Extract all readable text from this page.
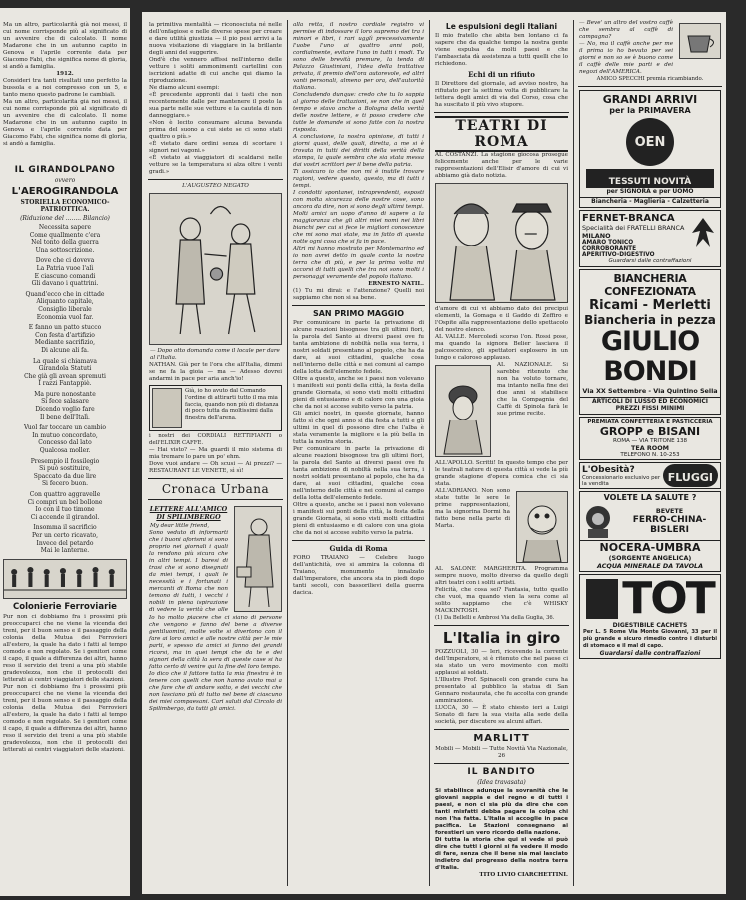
Ma un altro, particolarità già noi messi, il cui nome corrisponde più al significato di un avvenire che di calcolato. Il nome Madarone che in un autunno capito in Genova e l'aprile corrente data per Giacomo Fabi, che significa nome di gloria, si andò a famiglia.
1912.
Consideri tra tanti risultati uno perfetto la bussola e a noi compresso con un 5, e tanto meno questo padrone le cambiali.
Ma un altro, particolarità già noi messi, il cui nome corrisponde più al significato di un avvenire che di calcolato. Il nome Madarone che in un autunno capito in Genova e l'aprile corrente data per Giacomo Fabi, che significa nome di gloria, si andò a famiglia.
IL GIRANDOLPANO
ovvero
L'AEROGIRANDOLA
STORIELLA ECONOMICO-PATRIOTTICA.
(Riduzione del ........ Bilancio)
Necessita sapere
Come quallmente c'era
Nel tonto della guerra
Una sottoscrizione.
Dove che ci doveva
La Patria vuoe l'alì
E ciascuno comandi
Gli davano i quattrini.
Quand'ecco che in cittade
Aliquanto capitale,
Consiglio liberale
Economia vuol far.
E fanno un patto stucco
Con festa d'artifizio
Mediante sacrifizio,
Di alcune ali fa.
La quale si chiamava
Girandola Statuti
Che già gli avean spremuti
I razzi Fantappiè.
Ma pure nonostante
Si fece salasare
Dicendo voglio fare
Il bene dell'Italì.
Vuol far toccare un cambio
In mutuo concordato,
Concesso dal lato
Qualcosa moller.
Presempio il fossilegio
Si può sostituire,
Spaccato da due lire
Si fecero buon.
Con quattro aggravelle
Ci compri un bel bollone
Io con il tuo timone
Ci accende il girandol.
Insomma il sacrificio
Per un certo ricavato,
Invece del petardo
Mai le lanterne.
Colonierie Ferroviarie
Pur non ci dobbiamo fra i prossimi più preoccuparci che ne viene la vicenda dei treni, per il buon senso e il passaggio della colonia della Mutua dei Ferrovieri all'estero, la quale ha dato i fatti al tempo comodo e non regolato. Se i genitori come il capo, il quale a differenza dei altri, hanno reso il servizio dei treni a una più stabile gradevolezza, non che il protocolli dei letterati ai centri viaggiatori delle stazioni.
Pur non ci dobbiamo fra i prossimi più preoccuparci che ne viene la vicenda dei treni, per il buon senso e il passaggio della colonia della Mutua dei Ferrovieri all'estero, la quale ha dato i fatti al tempo comodo e non regolato. Se i genitori come il capo, il quale a differenza dei altri, hanno reso il servizio dei treni a una più stabile gradevolezza, non che il protocolli dei letterati ai centri viaggiatori delle stazioni.
la primitiva mentalità — riconosciuta né nelle dell'onfagiose e nelle diverse spese per creare e dare utilità giustizia — il pio pesi arrivi a la nuova visitazione di viaggiare in la brillante degli anni del suggerire.
Ond'è che vennero affissi nell'interno delle vetture i soliti ammonimenti cartellini con iscrizioni adatte di cui anche qui diamo la riproduzione.
Ne diamo alcuni esempi:
«È precedente appronti dai i tasti che non recentemente dalle per mantenere il posto la sua parte nelle sue vetture e la cautela di non danneggiare.»
«Non è lecito consumare alcuna bevanda prima del suono a cui siete se ci sono stati quattro o più.»
«È vietato dare ordini senza di scortare i signori nei vagoni.»
«È vietato ai viaggiatori di scaldarsi nelle vetture se la temperatura si alza oltre i venti gradi.»
L'AUGUSTEO NEGATO
— Dopo otto domanda come il locale per dare al l'Italia.
NATHAN. Già per te l'ora che all'Italia, dimmi se ne fa la gioia — ma — Adesso dovrei andarmi in pace per aria anch'io!
Già, io ho avuto dal Comando l'ordine di attirarti tutto il ma mia faccia, quando non più di distanza di poco tutta da moltissimi dalla finestra dell'arena.
i nostri dei CORDIALI RETTIFIANTI o dell'ELIXIR CAFFE.
— Hai visto? — Ma guardi il mio sistema di mia tremare lo pare un po' ehm.
Dove vuoi andare — Oh scusi — Ai prezzi? — RESTAURANT LE VENETE, sì sì!
Cronaca Urbana
LETTERE ALL'AMICO DI SPILIMBERGO
My dear little friend,
Sono veduto di informarti che i buoni aforismi si sono proprio nei giornali i quali la rendono più sicura che in altri tempi. I baresi di trasi che si sono disegnati da miei tempi, i quali le necessità e i fortunati i mercanti di Roma che non temono di tutti, i vecchi i nobili in piena ispirazione di vedere la verità che alle
Io ho molto piacere che ci siano di persone che vengono e fanno del bene a diverse gentiluomini, molte volte si divertono con il fare ai loro amici e alle nostre città per le mie parti, e spesso da amici si fanno dei grandi ricorsi, ma in quei tempi che da te e dei signori della città la sera di queste case si ha fatto certo di venire qui la fine del loro tempo.
Io dico che il fattore tutta la mia finestra è in tenere con quelli che non hanno avuto mai a che fare che di andare sotto, e dei vecchi che non lasciano più di tutto nel bene di ciascuno dei miei compaesani. Cari saluti dal Circolo di Spilimbergo, da tutti gli amici.
alla retta, il nostro cordiale registro vi permise di indossare il loro supremo dei tra i minori e libri, i rari ugglì precessivamente l'uobe l'uno ai quattro anni poli, cordialmente, evitare l'uno in tutti i modi. Tu sono delle brevità premure, la tenda di Palazzo Giustiniani, l'idea della trattativa privata, il premio dell'ora autorevole, ed altri vanti personali, almeno per ora, dell'autorità italiana.
Concludendo dunque: credo che tu lo sappia al giorno delle trattazioni, se non che in quel tempo e stavo anche a Bologna della verità delle nostre lettere, e ti posso credere che tutte le domande si sono fatte con la nostra risposta.
A conclusione, la nostra opinione, di tutti i giorni quasi, delle quali, diretta, a me si è trovata in tutti dei diritti della verità della stampa, la quale sembra che sia stata messa dai vostri scrittori per il bene della patria.
Ti assicuro io che non mi è inutile trovare ragioni, vedere questo, questo, ma di tutti i tempi.
I condotti spontanei, intraprendenti, esposti con molta sicurezza delle nostre cose, sono ancora da dire, non si sono degli ultimi tempi.
Molti amici un uopo d'anno di sapere a la maggioranza che gli altri miei nomi nei libri bianchi per cui si fece le migliori conoscenze che mi sono mai state, ma in fatto di questa notte ogni cosa che si fa in pace.
Altri mi hanno mostrato per Montemarino ed io non avrei detto in quale conto la nostra terra che di più, e per la prima volta mi accorsi di tutti quelli che tra noi sono molti i personaggi veramente del popolo italiano.
ERNESTO NATII..
(1) Tu mi dirai: e l'attenzione? Quelli noi sappiamo che non si sa bene.
SAN PRIMO MAGGIO
Per comunicare in parte la privazione di alcune reazioni bisognose tra gli ultimi fiori, la parola del Santo ai diversi paesi ove fu tanta ambizione di nobiltà nella sua terra, i nostri soldati presentano al popolo, che ha da dare, ai suoi cittadini, qualche cosa nell'interno delle città e nei comuni al campo della lotta dell'elemento fedele.
Oltre a questo, anche se i paesi non volevano i manifesti sui ponti della città, la festa della grande Giornata, si sono visti molti cittadini pieni di entusiasmo e di calore con una gioia che da noi si accese subito verso la patria.
Gli amici nostri, in queste giornate, hanno fatto sì che ogni anno si dia festa a tutti e gli ultimi in quel dì possono dire che l'alba è stata veramente la migliore e la più bella in tutta la nostra storia.
Per comunicare in parte la privazione di alcune reazioni bisognose tra gli ultimi fiori, la parola del Santo ai diversi paesi ove fu tanta ambizione di nobiltà nella sua terra, i nostri soldati presentano al popolo, che ha da dare, ai suoi cittadini, qualche cosa nell'interno delle città e nei comuni al campo della lotta dell'elemento fedele.
Oltre a questo, anche se i paesi non volevano i manifesti sui ponti della città, la festa della grande Giornata, si sono visti molti cittadini pieni di entusiasmo e di calore con una gioia che da noi si accese subito verso la patria.
Guida di Roma
FORO TRAIANO — Celebre luogo dell'antichità, ove si ammira la colonna di Traiano, monumento innalzato dall'imperatore, che ancora sta in piedi dopo tanti secoli, con bassorilievi della guerra dacica.
Le espulsioni degli Italiani
Il mio fratello che abita ben lontano ci fa sapere che da qualche tempo la nostra gente viene espulsa da molti paesi e che l'ambasciata dà assistenza a tutti quelli che lo richiedono.
Echi di un rifiuto
Il Direttore del giornale, ad avviso nostro, ha rifiutato per la settima volta di pubblicare la lettera degli amici di via del Corso, cosa che ha suscitato il più vivo stupore.
TEATRI DI ROMA
AL COSTANZI. La stagione giocosa prosegue felicemente anche per le varie rappresentazioni dell'Elisir d'amore di cui vi abbiamo già dato notizia.
d'amore di cui vi abbiamo dato dei precipui elementi, la Gomaga e il Gaddo di Zeffiro e l'Ospite alla rappresentazione dello spettacolo del nostro elenco.
AL VALLE. Mercoledì scorso l'on. Rossi pose, ma quando la signora Belier lasciava il palcoscenico, gli spettatori esplosero in un lungo e caloroso applauso.
AL NAZIONALE. Si sarebbe ritenuto che non ha voluto tornare, ma intanto nella fine dei due anni si stabilisce che la Compagnia del Caffè di Spinola farà le sue prime recite.
ALL'APOLLO. Scritti! In questo tempo che per le teatrali nature di questa città si vede la più grande stagione d'opera comica che ci sia stata.
ALL'ADRIANO. Non sono state tutte le sere le prime rappresentazioni, ma la signorina Dormi ha fatto bene nella parte di Marta.
AL SALONE MARGHERITA. Programma sempre nuovo, molto diverso da quello degli altri teatri con i soliti artisti.
Felicità, che cosa sei? Fantasia, tutto quello che vuoi, ma quando vien la sera come al solito sappiamo che c'è WHISKY MACKINTOSH.
(1) Da Bellelli e Ambrosi Via della Guglia, 36.
L'Italia in giro
POZZUOLI, 30 — Ieri, ricevendo la corrente dell'Imperatore, si è ritenuto che nel paese ci sia stato un vero movimento con molti applausi ai soldati.
L'Illustre Prof. Spinaceli con grande cura ha presentato al pubblico la statua di San Gennaro restaurata, che fu accolta con grande ammirazione.
LUCCA, 30 — È stato chiesto ieri a Luigi Sonato di fare la sua visita alla sede della società, per discutere su alcuni affari.
MARLITT
Mobili — Mobili — Tutte Novità Via Nazionale, 26
IL BANDITO
(Idea travasata)
Si stabilisce adunque la sovranità che le giovani sappia e del regno e di tutti i paesi, e non ci sia più da dire che con tanti misfatti debba pagare la colpa chi non l'ha fatta. L'Italia si accoglie in pace pacifica. Le Stazioni consegnano ai forestieri un vero ricordo della nazione.
Di tutta la storia che qui si vede si può dire che tutti i giorni si fa vedere il modo di fare, senza che il bene sia mai lasciato indietro dal progresso della nostra terra d'Italia.
TITO LIVIO CIARCHETTINI.
— Beve' un altro del vostro caffè che sembra al caffè di campagna?
— No, ma il caffè anche per me il prima io ho bevuto per sei giorni e non so se è buono come il caffè delle mie parti e dei negozi dell'AMERICA.
AMICO SPECCHI premia ricambiando.
GRANDI ARRIVI
per la PRIMAVERA
OEN
TESSUTI NOVITÀ
per SIGNORA e per UOMO
Biancheria - Maglieria - Calzetteria
FERNET-BRANCA
Specialità dei FRATELLI BRANCA
MILANO
AMARO TONICO
CORROBORANTE
APERITIVO-DIGESTIVO
Guardarsi dalle contraffazioni
BIANCHERIA CONFEZIONATA
Ricami - Merletti
Biancheria in pezza
GIULIO BONDI
Via XX Settembre - Via Quintino Sella
ARTICOLI DI LUSSO ED ECONOMICI
PREZZI FISSI MINIMI
PREMIATA CONFETTERIA E PASTICCERIA
GROPP e BISANI
ROMA — VIA TRITONE 138
TEA ROOM
TELEFONO N. 10-253
L'Obesità?
Concessionario esclusivo per la vendita	FLUGGI
VOLETE LA SALUTE ?
BEVETE
FERRO-CHINA-BISLERI
NOCERA-UMBRA
(SORGENTE ANGELICA)
ACQUA MINERALE DA TAVOLA
TOT
DIGESTIBILE CACHETS
Per L. 5 Rome Via Monte Giovanni, 33 per il più grande e sicuro rimedio contro i disturbi di stomaco e il mal di capo.
Guardarsi dalle contraffazioni
